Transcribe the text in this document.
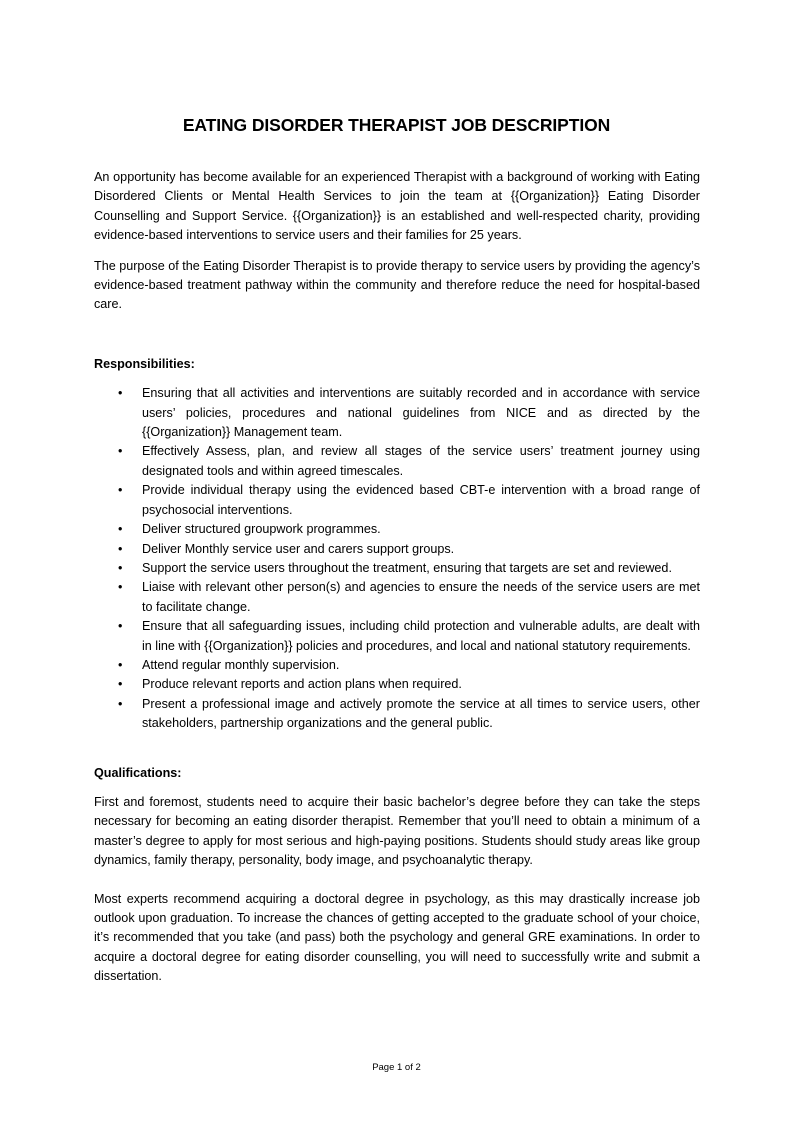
EATING DISORDER THERAPIST JOB DESCRIPTION

An opportunity has become available for an experienced Therapist with a background of working with Eating Disordered Clients or Mental Health Services to join the team at {{Organization}} Eating Disorder Counselling and Support Service. {{Organization}} is an established and well-respected charity, providing evidence-based interventions to service users and their families for 25 years.

The purpose of the Eating Disorder Therapist is to provide therapy to service users by providing the agency’s evidence-based treatment pathway within the community and therefore reduce the need for hospital-based care.

Responsibilities:

• Ensuring that all activities and interventions are suitably recorded and in accordance with service users’ policies, procedures and national guidelines from NICE and as directed by the {{Organization}} Management team.
• Effectively Assess, plan, and review all stages of the service users’ treatment journey using designated tools and within agreed timescales.
• Provide individual therapy using the evidenced based CBT-e intervention with a broad range of psychosocial interventions.
• Deliver structured groupwork programmes.
• Deliver Monthly service user and carers support groups.
• Support the service users throughout the treatment, ensuring that targets are set and reviewed.
• Liaise with relevant other person(s) and agencies to ensure the needs of the service users are met to facilitate change.
• Ensure that all safeguarding issues, including child protection and vulnerable adults, are dealt with in line with {{Organization}} policies and procedures, and local and national statutory requirements.
• Attend regular monthly supervision.
• Produce relevant reports and action plans when required.
• Present a professional image and actively promote the service at all times to service users, other stakeholders, partnership organizations and the general public.

Qualifications:

First and foremost, students need to acquire their basic bachelor’s degree before they can take the steps necessary for becoming an eating disorder therapist. Remember that you’ll need to obtain a minimum of a master’s degree to apply for most serious and high-paying positions. Students should study areas like group dynamics, family therapy, personality, body image, and psychoanalytic therapy.

Most experts recommend acquiring a doctoral degree in psychology, as this may drastically increase job outlook upon graduation. To increase the chances of getting accepted to the graduate school of your choice, it’s recommended that you take (and pass) both the psychology and general GRE examinations. In order to acquire a doctoral degree for eating disorder counselling, you will need to successfully write and submit a dissertation.

Page 1 of 2
